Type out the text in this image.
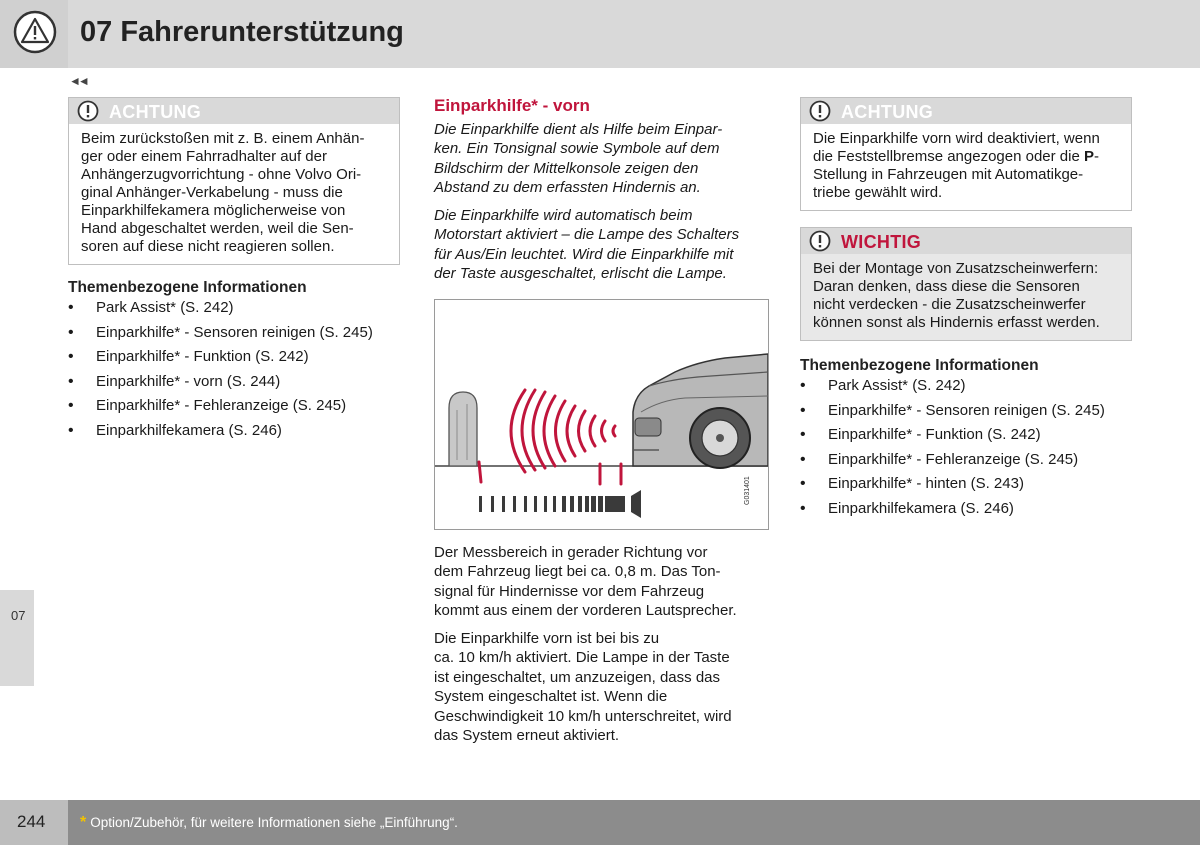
07 Fahrerunterstützung
◄◄
07
ACHTUNG
Beim zurückstoßen mit z. B. einem Anhän-
ger oder einem Fahrradhalter auf der
Anhängerzugvorrichtung - ohne Volvo Ori-
ginal Anhänger-Verkabelung - muss die
Einparkhilfekamera möglicherweise von
Hand abgeschaltet werden, weil die Sen-
soren auf diese nicht reagieren sollen.
Themenbezogene Informationen
• Park Assist* (S. 242)
• Einparkhilfe* - Sensoren reinigen (S. 245)
• Einparkhilfe* - Funktion (S. 242)
• Einparkhilfe* - vorn (S. 244)
• Einparkhilfe* - Fehleranzeige (S. 245)
• Einparkhilfekamera (S. 246)
Einparkhilfe* - vorn
Die Einparkhilfe dient als Hilfe beim Einpar-
ken. Ein Tonsignal sowie Symbole auf dem
Bildschirm der Mittelkonsole zeigen den
Abstand zu dem erfassten Hindernis an.
Die Einparkhilfe wird automatisch beim
Motorstart aktiviert – die Lampe des Schalters
für Aus/Ein leuchtet. Wird die Einparkhilfe mit
der Taste ausgeschaltet, erlischt die Lampe.
G031401
Der Messbereich in gerader Richtung vor
dem Fahrzeug liegt bei ca. 0,8 m. Das Ton-
signal für Hindernisse vor dem Fahrzeug
kommt aus einem der vorderen Lautsprecher.
Die Einparkhilfe vorn ist bei bis zu
ca. 10 km/h aktiviert. Die Lampe in der Taste
ist eingeschaltet, um anzuzeigen, dass das
System eingeschaltet ist. Wenn die
Geschwindigkeit 10 km/h unterschreitet, wird
das System erneut aktiviert.
ACHTUNG
Die Einparkhilfe vorn wird deaktiviert, wenn
die Feststellbremse angezogen oder die P-
Stellung in Fahrzeugen mit Automatikge-
triebe gewählt wird.
WICHTIG
Bei der Montage von Zusatzscheinwerfern:
Daran denken, dass diese die Sensoren
nicht verdecken - die Zusatzscheinwerfer
können sonst als Hindernis erfasst werden.
Themenbezogene Informationen
• Park Assist* (S. 242)
• Einparkhilfe* - Sensoren reinigen (S. 245)
• Einparkhilfe* - Funktion (S. 242)
• Einparkhilfe* - Fehleranzeige (S. 245)
• Einparkhilfe* - hinten (S. 243)
• Einparkhilfekamera (S. 246)
244 * Option/Zubehör, für weitere Informationen siehe „Einführung“.
